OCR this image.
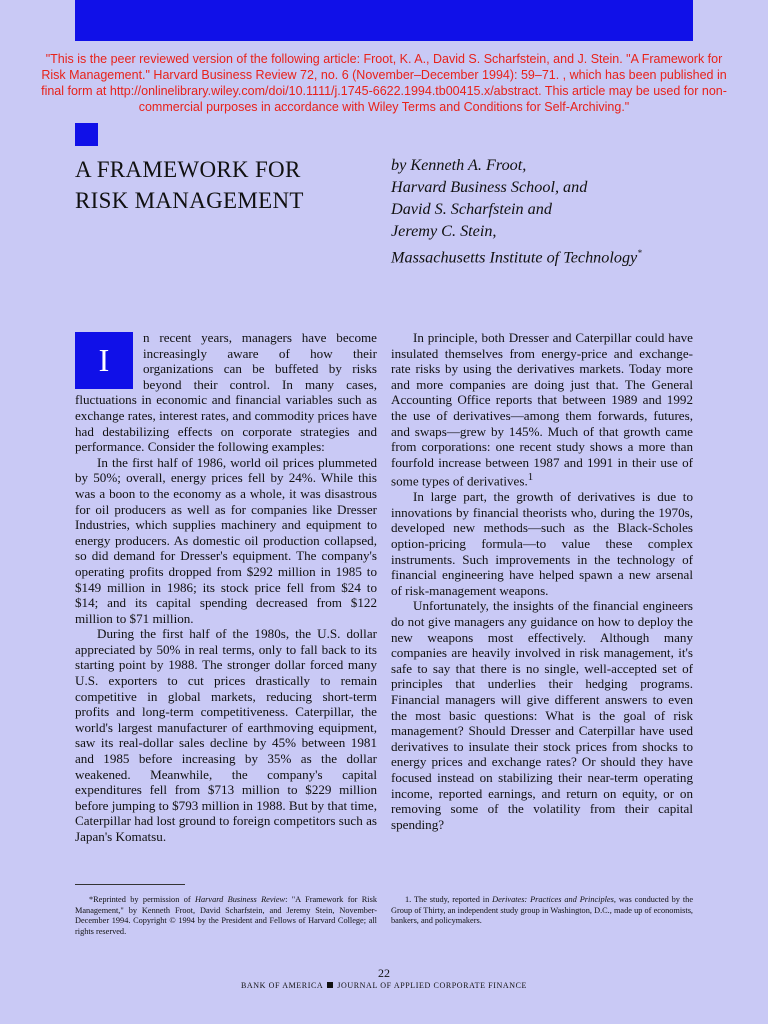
"This is the peer reviewed version of the following article: Froot, K. A., David S. Scharfstein, and J. Stein. "A Framework for Risk Management." Harvard Business Review 72, no. 6 (November–December 1994): 59–71. , which has been published in final form at http://onlinelibrary.wiley.com/doi/10.1111/j.1745-6622.1994.tb00415.x/abstract. This article may be used for non-commercial purposes in accordance with Wiley Terms and Conditions for Self-Archiving."
A FRAMEWORK FOR
RISK MANAGEMENT
by Kenneth A. Froot,
Harvard Business School, and
David S. Scharfstein and
Jeremy C. Stein,
Massachusetts Institute of Technology*
I

n recent years, managers have become increasingly aware of how their organizations can be buffeted by risks beyond their control. In many cases, fluctuations in economic and financial variables such as exchange rates, interest rates, and commodity prices have had destabilizing effects on corporate strategies and performance. Consider the following examples:

In the first half of 1986, world oil prices plummeted by 50%; overall, energy prices fell by 24%. While this was a boon to the economy as a whole, it was disastrous for oil producers as well as for companies like Dresser Industries, which supplies machinery and equipment to energy producers. As domestic oil production collapsed, so did demand for Dresser's equipment. The company's operating profits dropped from $292 million in 1985 to $149 million in 1986; its stock price fell from $24 to $14; and its capital spending decreased from $122 million to $71 million.

During the first half of the 1980s, the U.S. dollar appreciated by 50% in real terms, only to fall back to its starting point by 1988. The stronger dollar forced many U.S. exporters to cut prices drastically to remain competitive in global markets, reducing short-term profits and long-term competitiveness. Caterpillar, the world's largest manufacturer of earthmoving equipment, saw its real-dollar sales decline by 45% between 1981 and 1985 before increasing by 35% as the dollar weakened. Meanwhile, the company's capital expenditures fell from $713 million to $229 million before jumping to $793 million in 1988. But by that time, Caterpillar had lost ground to foreign competitors such as Japan's Komatsu.

In principle, both Dresser and Caterpillar could have insulated themselves from energy-price and exchange-rate risks by using the derivatives markets. Today more and more companies are doing just that. The General Accounting Office reports that between 1989 and 1992 the use of derivatives—among them forwards, futures, and swaps—grew by 145%. Much of that growth came from corporations: one recent study shows a more than fourfold increase between 1987 and 1991 in their use of some types of derivatives.$^1$

In large part, the growth of derivatives is due to innovations by financial theorists who, during the 1970s, developed new methods—such as the Black-Scholes option-pricing formula—to value these complex instruments. Such improvements in the technology of financial engineering have helped spawn a new arsenal of risk-management weapons.

Unfortunately, the insights of the financial engineers do not give managers any guidance on how to deploy the new weapons most effectively. Although many companies are heavily involved in risk management, it's safe to say that there is no single, well-accepted set of principles that underlies their hedging programs. Financial managers will give different answers to even the most basic questions: What is the goal of risk management? Should Dresser and Caterpillar have used derivatives to insulate their stock prices from shocks to energy prices and exchange rates? Or should they have focused instead on stabilizing their near-term operating income, reported earnings, and return on equity, or on removing some of the volatility from their capital spending?

*Reprinted by permission of Harvard Business Review: "A Framework for Risk Management," by Kenneth Froot, David Scharfstein, and Jeremy Stein, November-December 1994. Copyright © 1994 by the President and Fellows of Harvard College; all rights reserved.

1. The study, reported in Derivates: Practices and Principles, was conducted by the Group of Thirty, an independent study group in Washington, D.C., made up of economists, bankers, and policymakers.

22
BANK OF AMERICA JOURNAL OF APPLIED CORPORATE FINANCE
